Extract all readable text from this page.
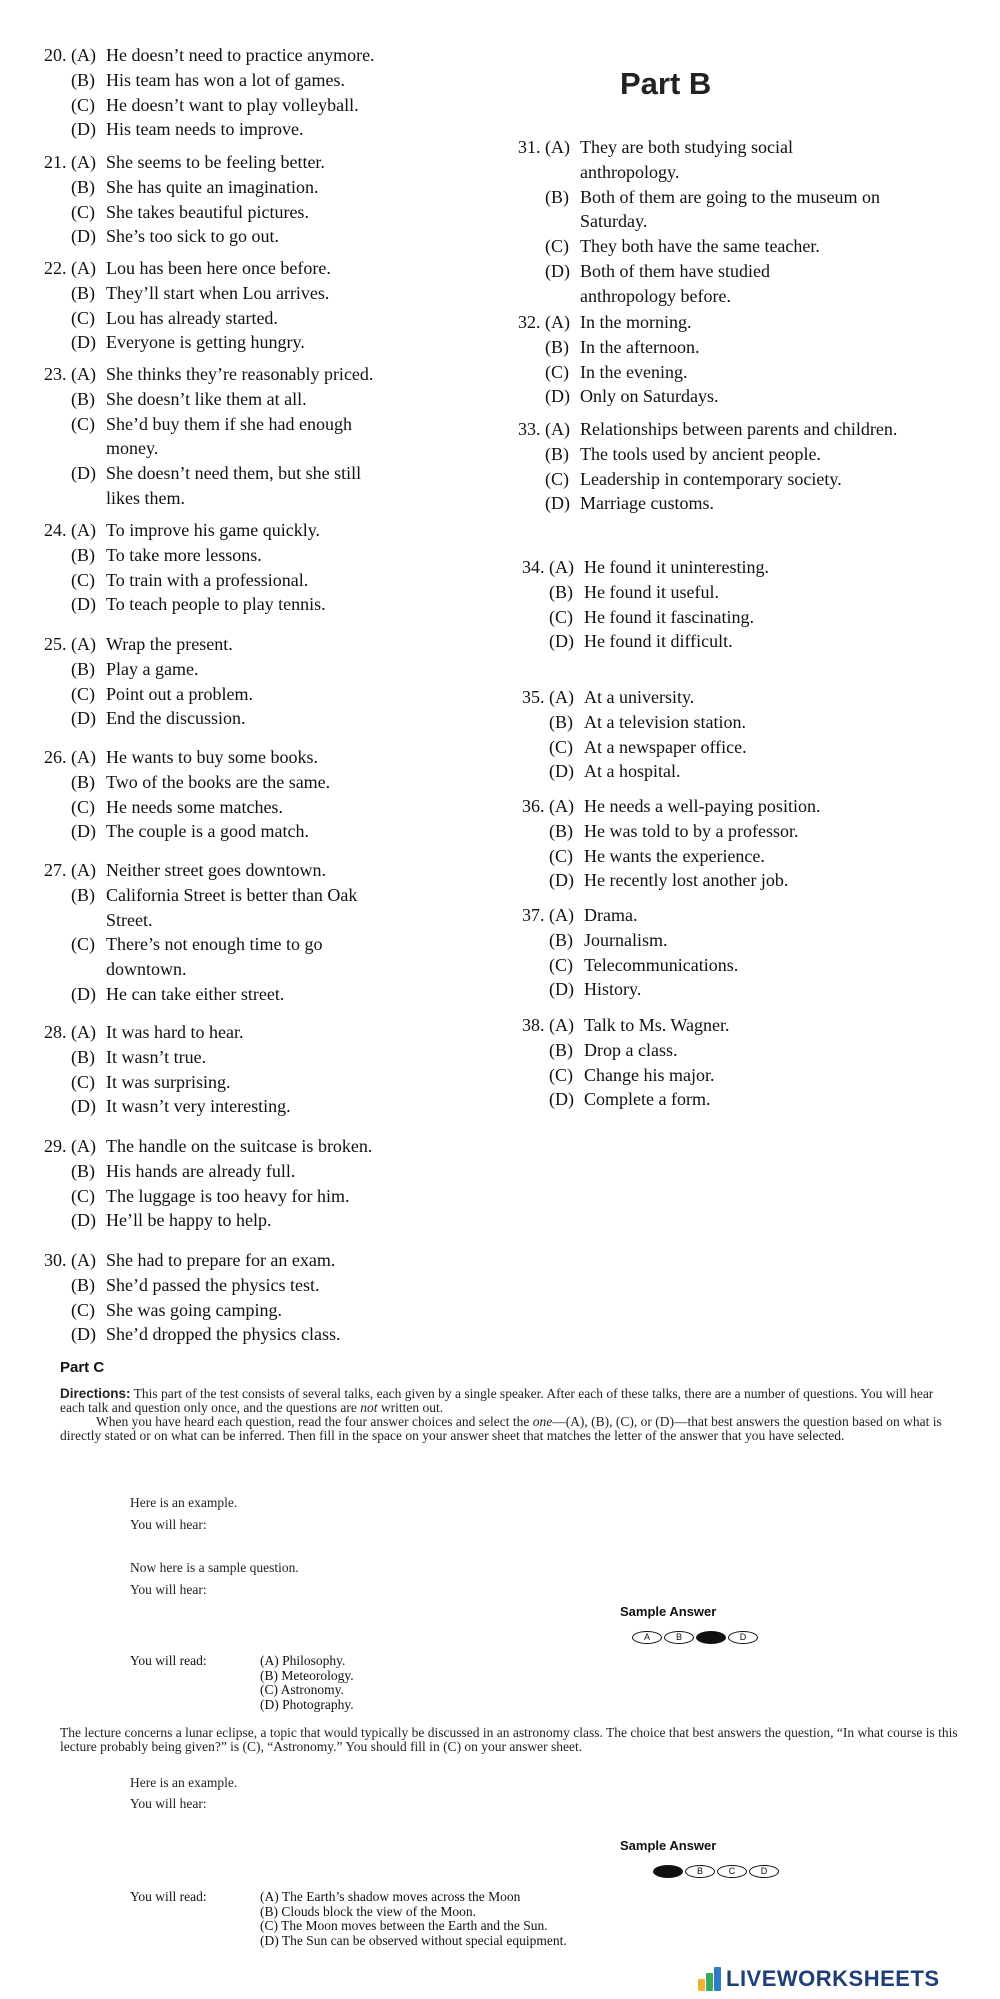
Part B
20.
(A) He doesn’t need to practice anymore.
(B) His team has won a lot of games.
(C) He doesn’t want to play volleyball.
(D) His team needs to improve.
21.
(A) She seems to be feeling better.
(B) She has quite an imagination.
(C) She takes beautiful pictures.
(D) She’s too sick to go out.
22.
(A) Lou has been here once before.
(B) They’ll start when Lou arrives.
(C) Lou has already started.
(D) Everyone is getting hungry.
23.
(A) She thinks they’re reasonably priced.
(B) She doesn’t like them at all.
(C) She’d buy them if she had enough money.
(D) She doesn’t need them, but she still likes them.
24.
(A) To improve his game quickly.
(B) To take more lessons.
(C) To train with a professional.
(D) To teach people to play tennis.
25.
(A) Wrap the present.
(B) Play a game.
(C) Point out a problem.
(D) End the discussion.
26.
(A) He wants to buy some books.
(B) Two of the books are the same.
(C) He needs some matches.
(D) The couple is a good match.
27.
(A) Neither street goes downtown.
(B) California Street is better than Oak Street.
(C) There’s not enough time to go downtown.
(D) He can take either street.
28.
(A) It was hard to hear.
(B) It wasn’t true.
(C) It was surprising.
(D) It wasn’t very interesting.
29.
(A) The handle on the suitcase is broken.
(B) His hands are already full.
(C) The luggage is too heavy for him.
(D) He’ll be happy to help.
30.
(A) She had to prepare for an exam.
(B) She’d passed the physics test.
(C) She was going camping.
(D) She’d dropped the physics class.
31.
(A) They are both studying social anthropology.
(B) Both of them are going to the museum on Saturday.
(C) They both have the same teacher.
(D) Both of them have studied anthropology before.
32.
(A) In the morning.
(B) In the afternoon.
(C) In the evening.
(D) Only on Saturdays.
33.
(A) Relationships between parents and children.
(B) The tools used by ancient people.
(C) Leadership in contemporary society.
(D) Marriage customs.
34.
(A) He found it uninteresting.
(B) He found it useful.
(C) He found it fascinating.
(D) He found it difficult.
35.
(A) At a university.
(B) At a television station.
(C) At a newspaper office.
(D) At a hospital.
36.
(A) He needs a well-paying position.
(B) He was told to by a professor.
(C) He wants the experience.
(D) He recently lost another job.
37.
(A) Drama.
(B) Journalism.
(C) Telecommunications.
(D) History.
38.
(A) Talk to Ms. Wagner.
(B) Drop a class.
(C) Change his major.
(D) Complete a form.
Part C
Directions: This part of the test consists of several talks, each given by a single speaker. After each of these talks, there are a number of questions. You will hear each talk and question only once, and the questions are not written out.
When you have heard each question, read the four answer choices and select the one—(A), (B), (C), or (D)—that best answers the question based on what is directly stated or on what can be inferred. Then fill in the space on your answer sheet that matches the letter of the answer that you have selected.
Here is an example.
You will hear:
Now here is a sample question.
You will hear:
Sample Answer
A	B	C	D
You will read:	(A) Philosophy.
(B) Meteorology.
(C) Astronomy.
(D) Photography.
The lecture concerns a lunar eclipse, a topic that would typically be discussed in an astronomy class. The choice that best answers the question, “In what course is this lecture probably being given?” is (C), “Astronomy.” You should fill in (C) on your answer sheet.
Here is an example.
You will hear:
Sample Answer
A	B	C	D
You will read:	(A) The Earth’s shadow moves across the Moon
(B) Clouds block the view of the Moon.
(C) The Moon moves between the Earth and the Sun.
(D) The Sun can be observed without special equipment.
LIVEWORKSHEETS
